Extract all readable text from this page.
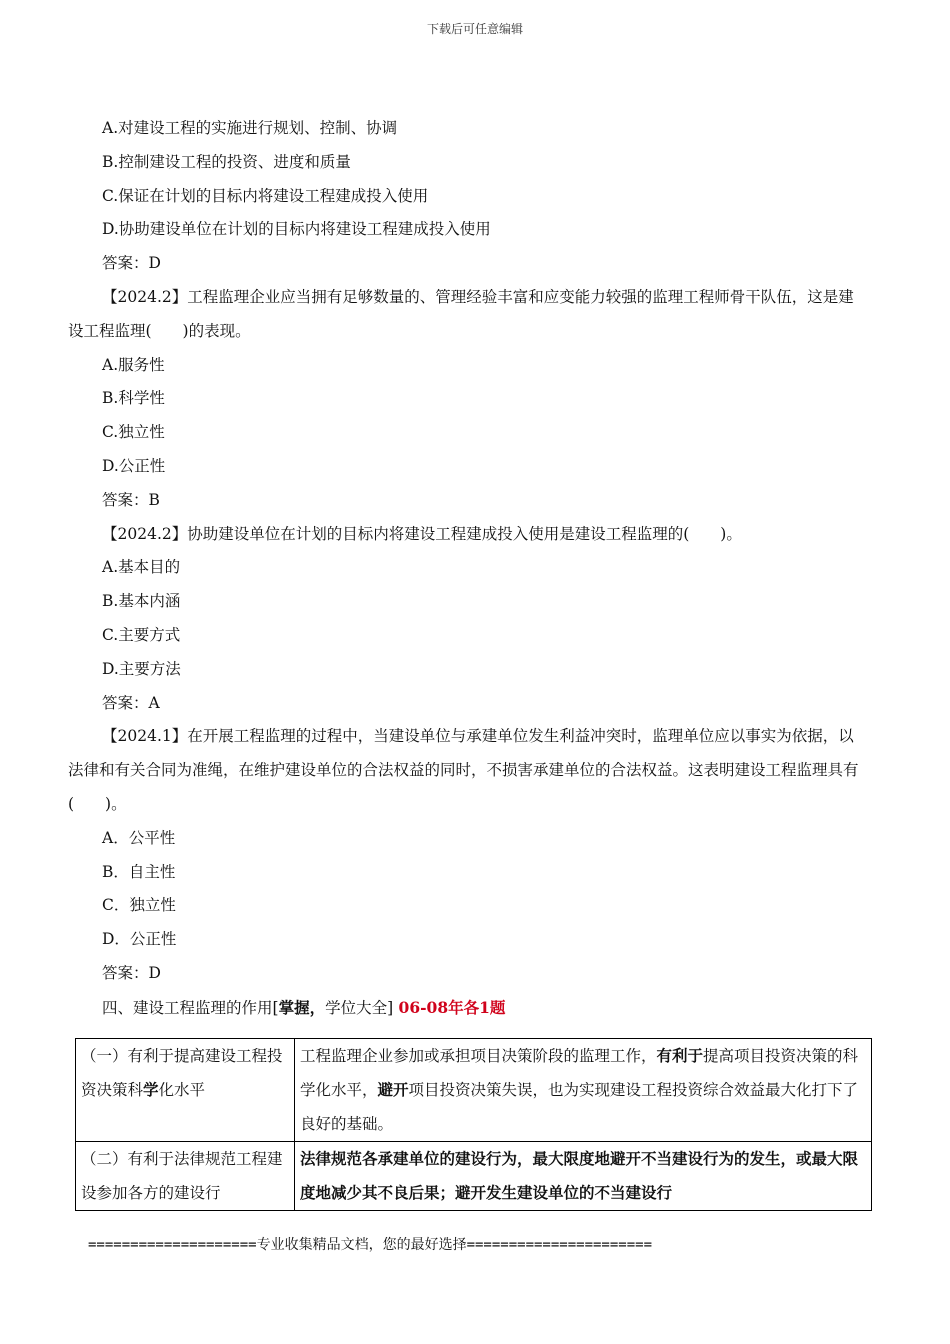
下载后可任意编辑
A.对建设工程的实施进行规划、控制、协调
B.控制建设工程的投资、进度和质量
C.保证在计划的目标内将建设工程建成投入使用
D.协助建设单位在计划的目标内将建设工程建成投入使用
答案：D
【2024.2】工程监理企业应当拥有足够数量的、管理经验丰富和应变能力较强的监理工程师骨干队伍，这是建设工程监理(　　)的表现。
A.服务性
B.科学性
C.独立性
D.公正性
答案：B
【2024.2】协助建设单位在计划的目标内将建设工程建成投入使用是建设工程监理的(　　)。
A.基本目的
B.基本内涵
C.主要方式
D.主要方法
答案：A
【2024.1】在开展工程监理的过程中，当建设单位与承建单位发生利益冲突时，监理单位应以事实为依据，以法律和有关合同为准绳，在维护建设单位的合法权益的同时，不损害承建单位的合法权益。这表明建设工程监理具有(　　)。
A．公平性
B．自主性
C．独立性
D．公正性
答案：D
四、建设工程监理的作用[掌握，学位大全] 06-08年各1题
（一）有利于提高建设工程投资决策科学化水平	工程监理企业参加或承担项目决策阶段的监理工作，有利于提高项目投资决策的科学化水平，避开项目投资决策失误，也为实现建设工程投资综合效益最大化打下了良好的基础。
（二）有利于法律规范工程建设参加各方的建设行	法律规范各承建单位的建设行为，最大限度地避开不当建设行为的发生，或最大限度地减少其不良后果；避开发生建设单位的不当建设行
====================专业收集精品文档，您的最好选择======================
